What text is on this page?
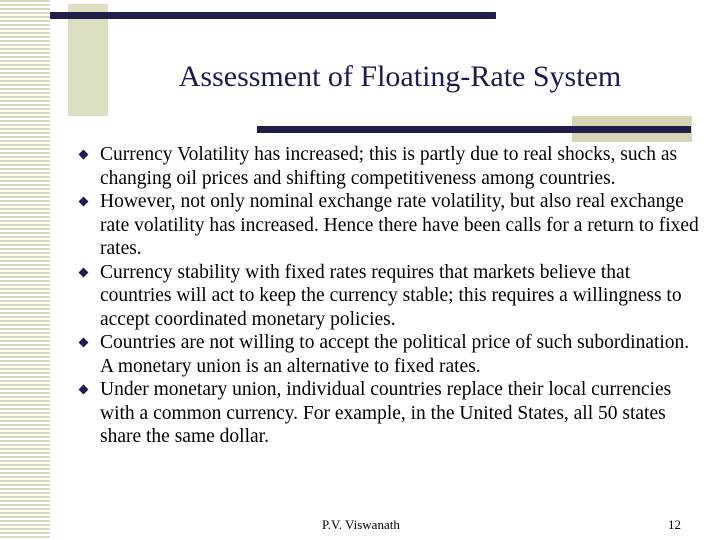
Assessment of Floating-Rate System
Currency Volatility has increased; this is partly due to real shocks, such as changing oil prices and shifting competitiveness among countries.
However, not only nominal exchange rate volatility, but also real exchange rate volatility has increased. Hence there have been calls for a return to fixed rates.
Currency stability with fixed rates requires that markets believe that countries will act to keep the currency stable; this requires a willingness to accept coordinated monetary policies.
Countries are not willing to accept the political price of such subordination. A monetary union is an alternative to fixed rates.
Under monetary union, individual countries replace their local currencies with a common currency. For example, in the United States, all 50 states share the same dollar.
P.V. Viswanath	12
